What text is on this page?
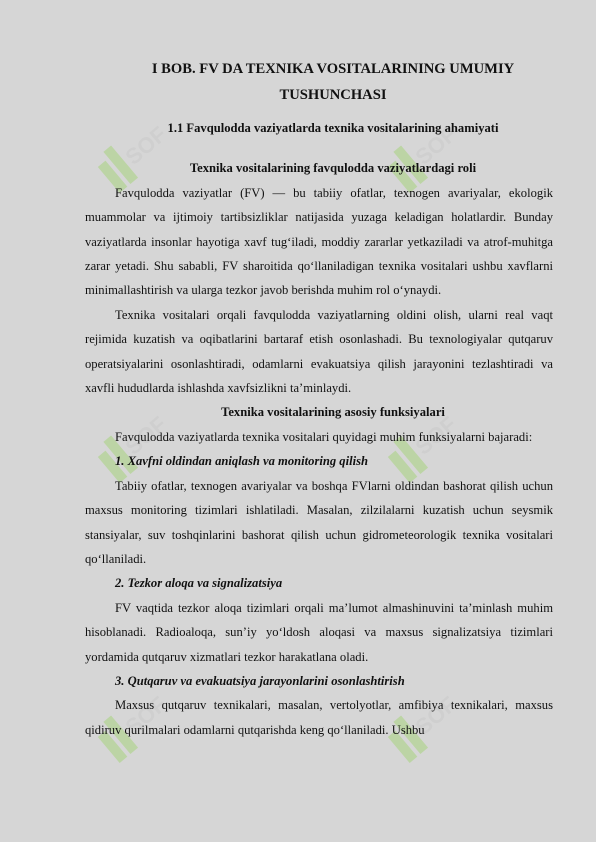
SOF	SOF
SOF	SOF
SOF	SOF
I BOB. FV DA TEXNIKA VOSITALARINING UMUMIY TUSHUNCHASI
1.1 Favqulodda vaziyatlarda texnika vositalarining ahamiyati
Texnika vositalarining favqulodda vaziyatlardagi roli

Favqulodda vaziyatlar (FV) — bu tabiiy ofatlar, texnogen avariyalar, ekologik muammolar va ijtimoiy tartibsizliklar natijasida yuzaga keladigan holatlardir. Bunday vaziyatlarda insonlar hayotiga xavf tug‘iladi, moddiy zararlar yetkaziladi va atrof-muhitga zarar yetadi. Shu sababli, FV sharoitida qo‘llaniladigan texnika vositalari ushbu xavflarni minimallashtirish va ularga tezkor javob berishda muhim rol o‘ynaydi.

Texnika vositalari orqali favqulodda vaziyatlarning oldini olish, ularni real vaqt rejimida kuzatish va oqibatlarini bartaraf etish osonlashadi. Bu texnologiyalar qutqaruv operatsiyalarini osonlashtiradi, odamlarni evakuatsiya qilish jarayonini tezlashtiradi va xavfli hududlarda ishlashda xavfsizlikni ta’minlaydi.

Texnika vositalarining asosiy funksiyalari

Favqulodda vaziyatlarda texnika vositalari quyidagi muhim funksiyalarni bajaradi:

1. Xavfni oldindan aniqlash va monitoring qilish

Tabiiy ofatlar, texnogen avariyalar va boshqa FVlarni oldindan bashorat qilish uchun maxsus monitoring tizimlari ishlatiladi. Masalan, zilzilalarni kuzatish uchun seysmik stansiyalar, suv toshqinlarini bashorat qilish uchun gidrometeorologik texnika vositalari qo‘llaniladi.

2. Tezkor aloqa va signalizatsiya

FV vaqtida tezkor aloqa tizimlari orqali ma’lumot almashinuvini ta’minlash muhim hisoblanadi. Radioaloqa, sun’iy yo‘ldosh aloqasi va maxsus signalizatsiya tizimlari yordamida qutqaruv xizmatlari tezkor harakatlana oladi.

3. Qutqaruv va evakuatsiya jarayonlarini osonlashtirish

Maxsus qutqaruv texnikalari, masalan, vertolyotlar, amfibiya texnikalari, maxsus qidiruv qurilmalari odamlarni qutqarishda keng qo‘llaniladi. Ushbu
